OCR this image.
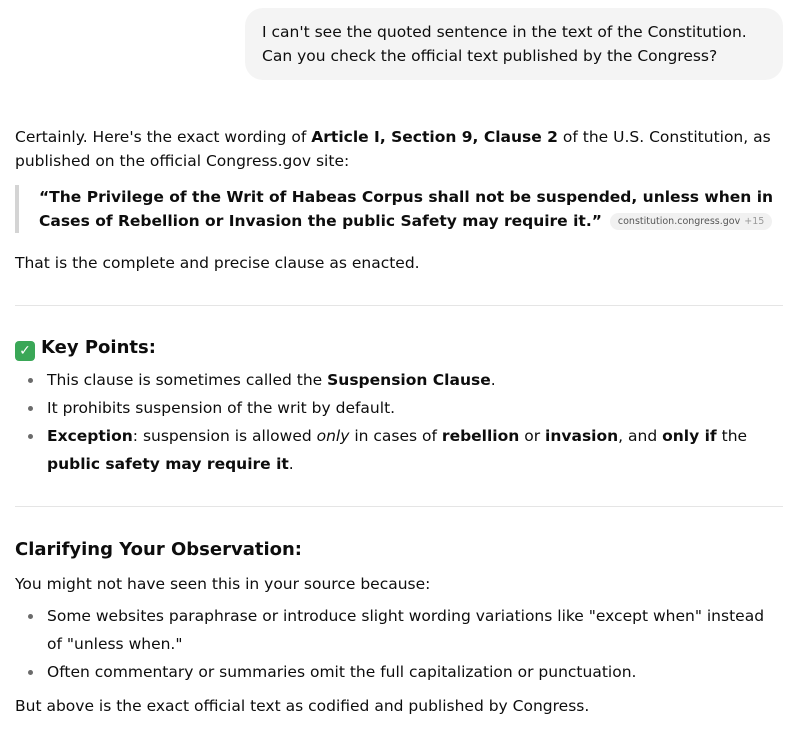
I can't see the quoted sentence in the text of the Constitution. Can you check the official text published by the Congress?

Certainly. Here's the exact wording of Article I, Section 9, Clause 2 of the U.S. Constitution, as published on the official Congress.gov site:

“The Privilege of the Writ of Habeas Corpus shall not be suspended, unless when in Cases of Rebellion or Invasion the public Safety may require it.” constitution.congress.gov +15

That is the complete and precise clause as enacted.

✓ Key Points:
This clause is sometimes called the Suspension Clause.
It prohibits suspension of the writ by default.
Exception: suspension is allowed only in cases of rebellion or invasion, and only if the public safety may require it.
Clarifying Your Observation:

You might not have seen this in your source because:

Some websites paraphrase or introduce slight wording variations like "except when" instead of "unless when."
Often commentary or summaries omit the full capitalization or punctuation.

But above is the exact official text as codified and published by Congress.
